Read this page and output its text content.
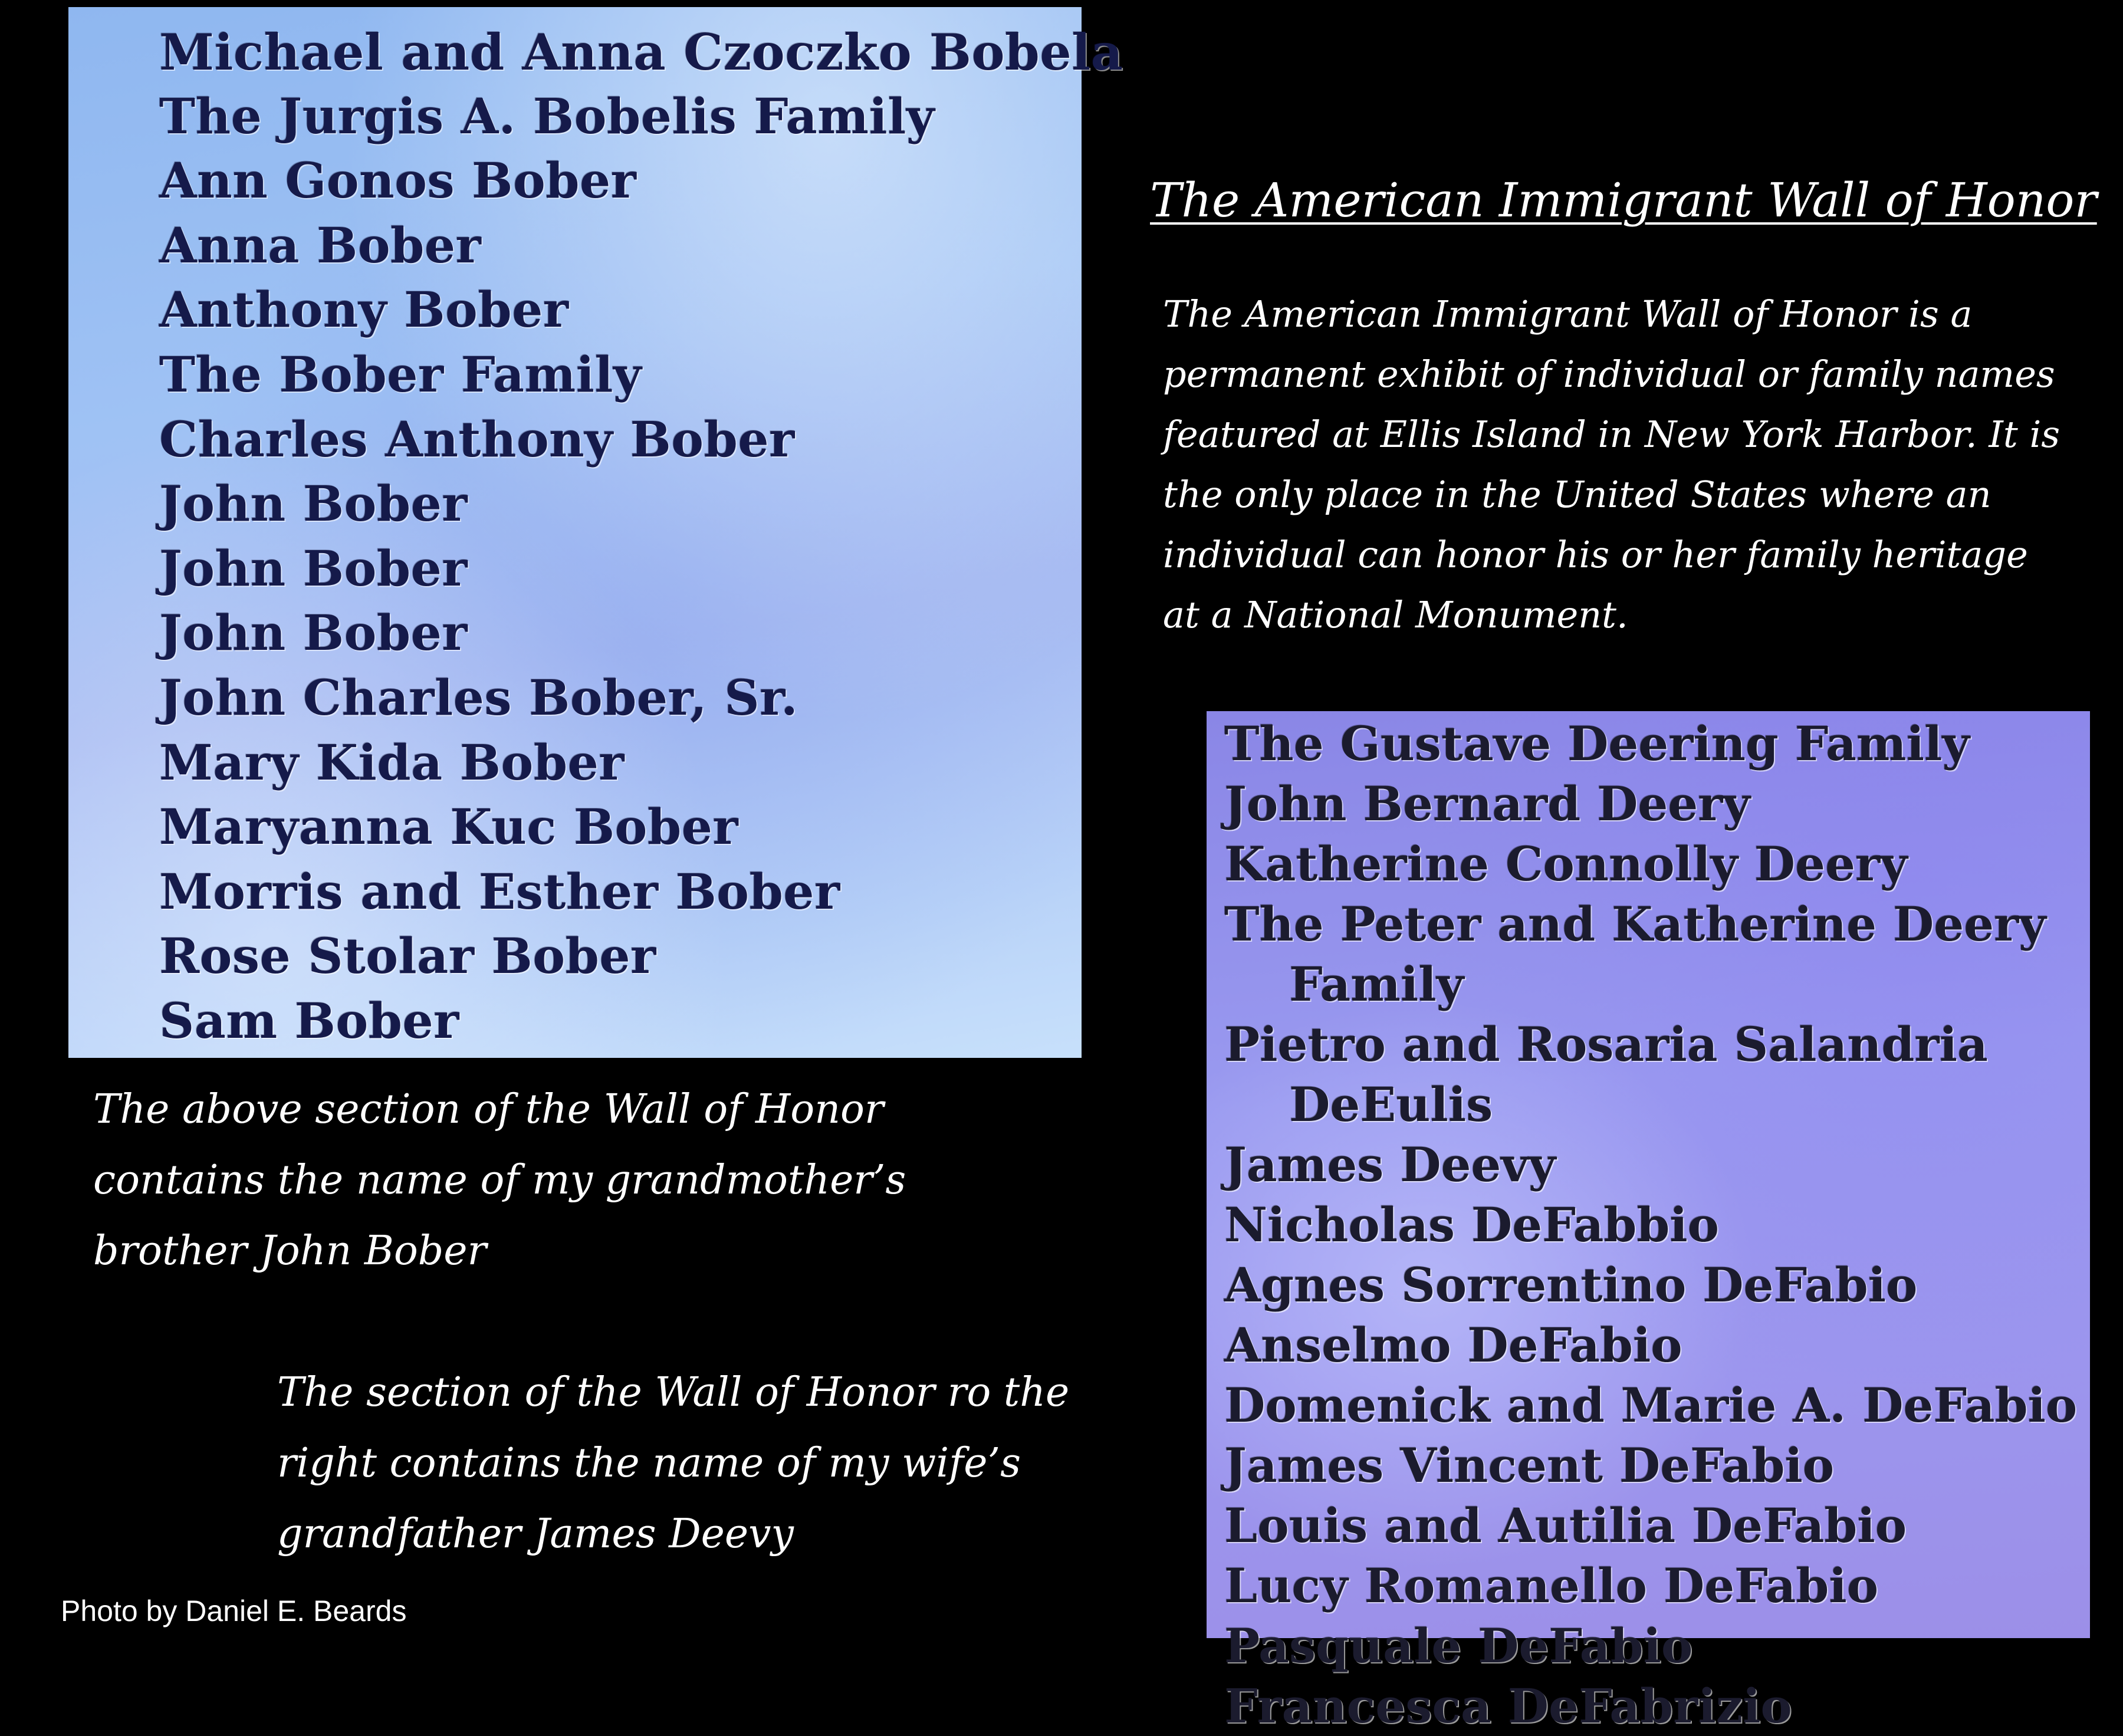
Michael and Anna Czoczko Bobela
The Jurgis A. Bobelis Family
Ann Gonos Bober
Anna Bober
Anthony Bober
The Bober Family
Charles Anthony Bober
John Bober
John Bober
John Bober
John Charles Bober, Sr.
Mary Kida Bober
Maryanna Kuc Bober
Morris and Esther Bober
Rose Stolar Bober
Sam Bober
The American Immigrant Wall of Honor
The American Immigrant Wall of Honor is a permanent exhibit of individual or family names featured at Ellis Island in New York Harbor. It is the only place in the United States where an individual can honor his or her family heritage at a National Monument.
The Gustave Deering Family
John Bernard Deery
Katherine Connolly Deery
The Peter and Katherine Deery
Family
Pietro and Rosaria Salandria
DeEulis
James Deevy
Nicholas DeFabbio
Agnes Sorrentino DeFabio
Anselmo DeFabio
Domenick and Marie A. DeFabio
James Vincent DeFabio
Louis and Autilia DeFabio
Lucy Romanello DeFabio
Pasquale DeFabio
Francesca DeFabrizio
The above section of the Wall of Honor contains the name of my grandmother’s brother John Bober
The section of the Wall of Honor ro the right contains the name of my wife’s grandfather James Deevy
Photo by Daniel E. Beards
